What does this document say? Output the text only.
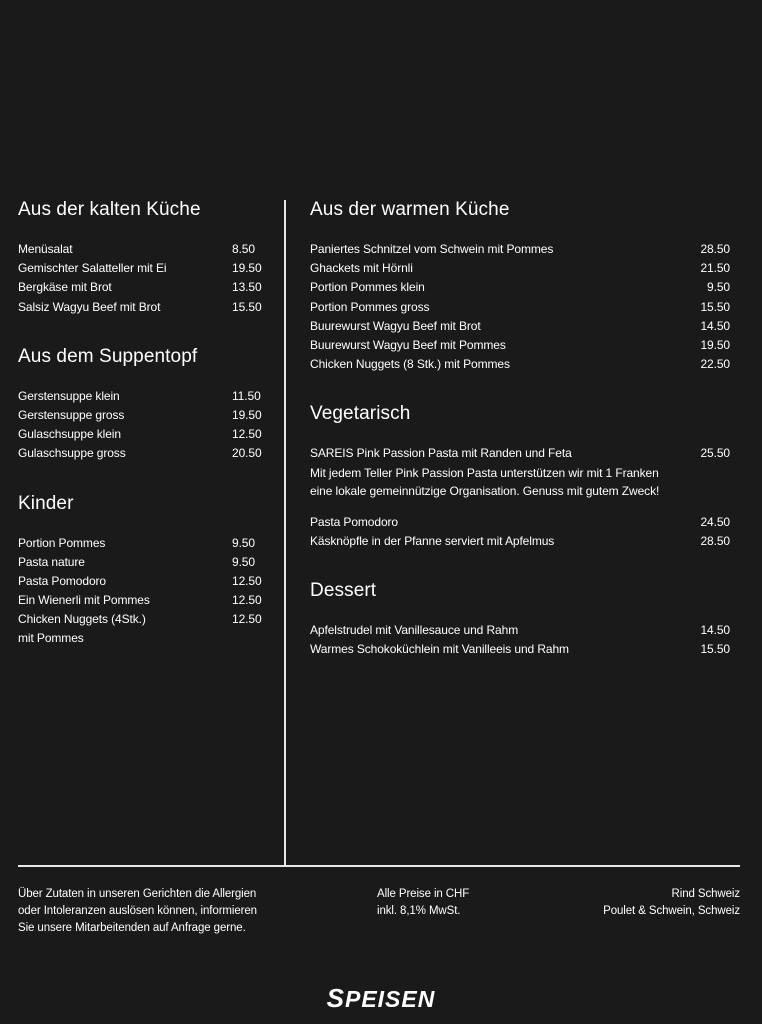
Aus der kalten Küche
Menüsalat	8.50
Gemischter Salatteller mit Ei	19.50
Bergkäse mit Brot	13.50
Salsiz Wagyu Beef mit Brot	15.50
Aus dem Suppentopf
Gerstensuppe klein	11.50
Gerstensuppe gross	19.50
Gulaschsuppe klein	12.50
Gulaschsuppe gross	20.50
Kinder
Portion Pommes	9.50
Pasta nature	9.50
Pasta Pomodoro	12.50
Ein Wienerli mit Pommes	12.50
Chicken Nuggets (4Stk.)	12.50
mit Pommes
Aus der warmen Küche
Paniertes Schnitzel vom Schwein mit Pommes	28.50
Ghackets mit Hörnli	21.50
Portion Pommes klein	9.50
Portion Pommes gross	15.50
Buurewurst Wagyu Beef mit Brot	14.50
Buurewurst Wagyu Beef mit Pommes	19.50
Chicken Nuggets (8 Stk.) mit Pommes	22.50
Vegetarisch
SAREIS Pink Passion Pasta mit Randen und Feta	25.50
Mit jedem Teller Pink Passion Pasta unterstützen wir mit 1 Franken
eine lokale gemeinnützige Organisation. Genuss mit gutem Zweck!
Pasta Pomodoro	24.50
Käsknöpfle in der Pfanne serviert mit Apfelmus	28.50
Dessert
Apfelstrudel mit Vanillesauce und Rahm	14.50
Warmes Schokoküchlein mit Vanilleeis und Rahm	15.50
Über Zutaten in unseren Gerichten die Allergien
oder Intoleranzen auslösen können, informieren
Sie unsere Mitarbeitenden auf Anfrage gerne.
Alle Preise in CHF
inkl. 8,1% MwSt.
Rind Schweiz
Poulet & Schwein, Schweiz
SPEISEN
